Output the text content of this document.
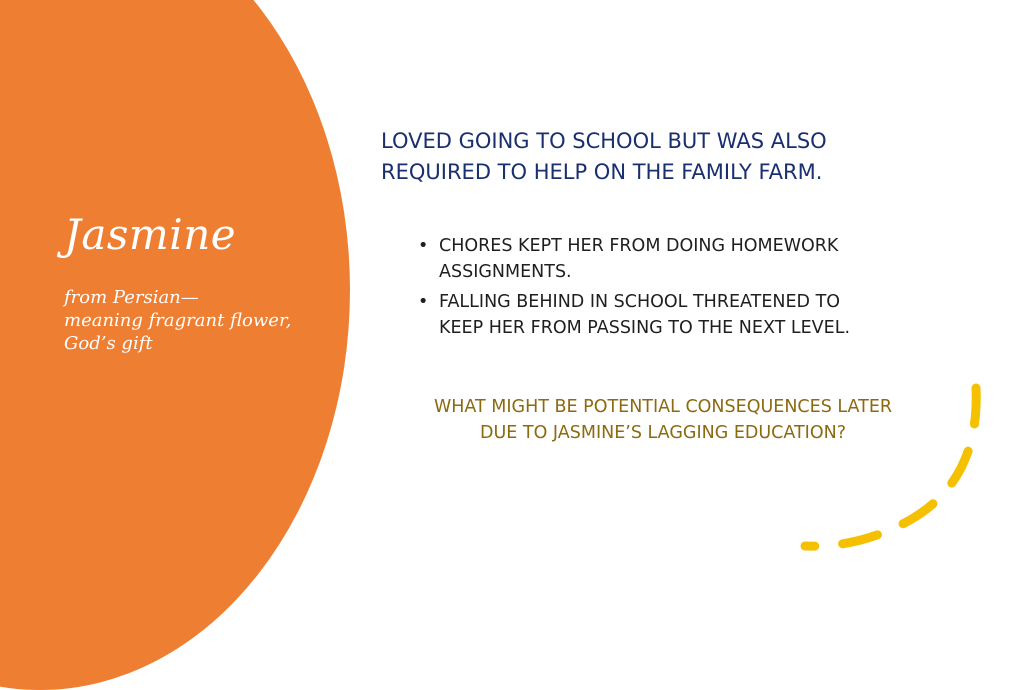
Jasmine
from Persian—
meaning fragrant flower,
God’s gift
LOVED GOING TO SCHOOL BUT WAS ALSO
REQUIRED TO HELP ON THE FAMILY FARM.
• CHORES KEPT HER FROM DOING HOMEWORK
ASSIGNMENTS.
• FALLING BEHIND IN SCHOOL THREATENED TO
KEEP HER FROM PASSING TO THE NEXT LEVEL.
WHAT MIGHT BE POTENTIAL CONSEQUENCES LATER
DUE TO JASMINE’S LAGGING EDUCATION?
